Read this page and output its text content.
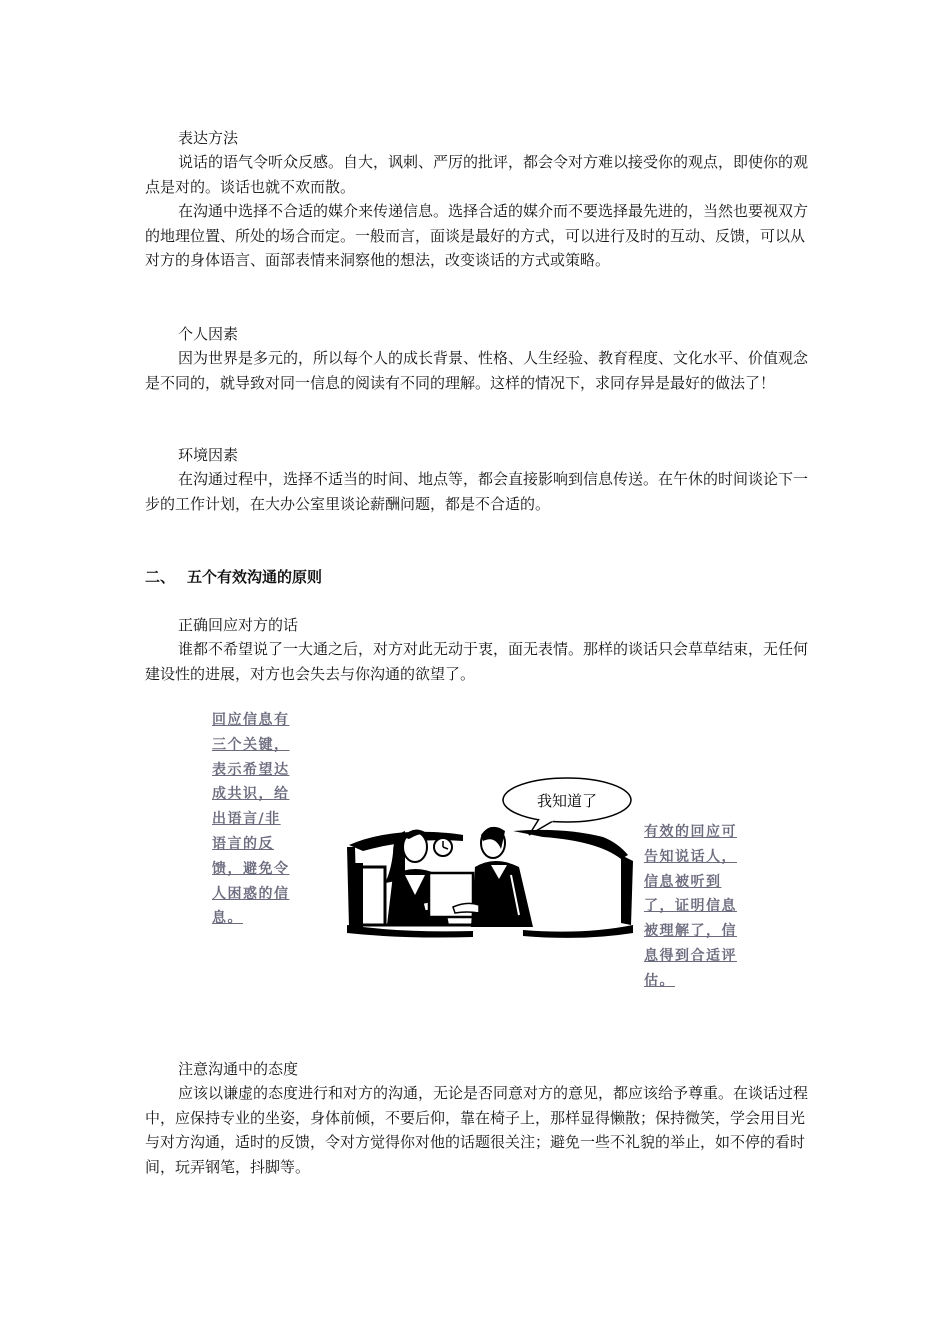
表达方法

说话的语气令听众反感。自大，讽刺、严厉的批评，都会令对方难以接受你的观点，即使你的观点是对的。谈话也就不欢而散。

在沟通中选择不合适的媒介来传递信息。选择合适的媒介而不要选择最先进的，当然也要视双方的地理位置、所处的场合而定。一般而言，面谈是最好的方式，可以进行及时的互动、反馈，可以从对方的身体语言、面部表情来洞察他的想法，改变谈话的方式或策略。

个人因素

因为世界是多元的，所以每个人的成长背景、性格、人生经验、教育程度、文化水平、价值观念是不同的，就导致对同一信息的阅读有不同的理解。这样的情况下，求同存异是最好的做法了！

环境因素

在沟通过程中，选择不适当的时间、地点等，都会直接影响到信息传送。在午休的时间谈论下一步的工作计划，在大办公室里谈论薪酬问题，都是不合适的。

二、 五个有效沟通的原则

正确回应对方的话

谁都不希望说了一大通之后，对方对此无动于衷，面无表情。那样的谈话只会草草结束，无任何建设性的进展，对方也会失去与你沟通的欲望了。

回应信息有三个关键，表示希望达成共识，给出语言/非语言的反馈，避免令人困惑的信息。

我知道了

有效的回应可告知说话人，信息被听到了，证明信息被理解了，信息得到合适评估。

注意沟通中的态度

应该以谦虚的态度进行和对方的沟通，无论是否同意对方的意见，都应该给予尊重。在谈话过程中，应保持专业的坐姿，身体前倾，不要后仰，靠在椅子上，那样显得懒散；保持微笑，学会用目光与对方沟通，适时的反馈，令对方觉得你对他的话题很关注；避免一些不礼貌的举止，如不停的看时间，玩弄钢笔，抖脚等。
